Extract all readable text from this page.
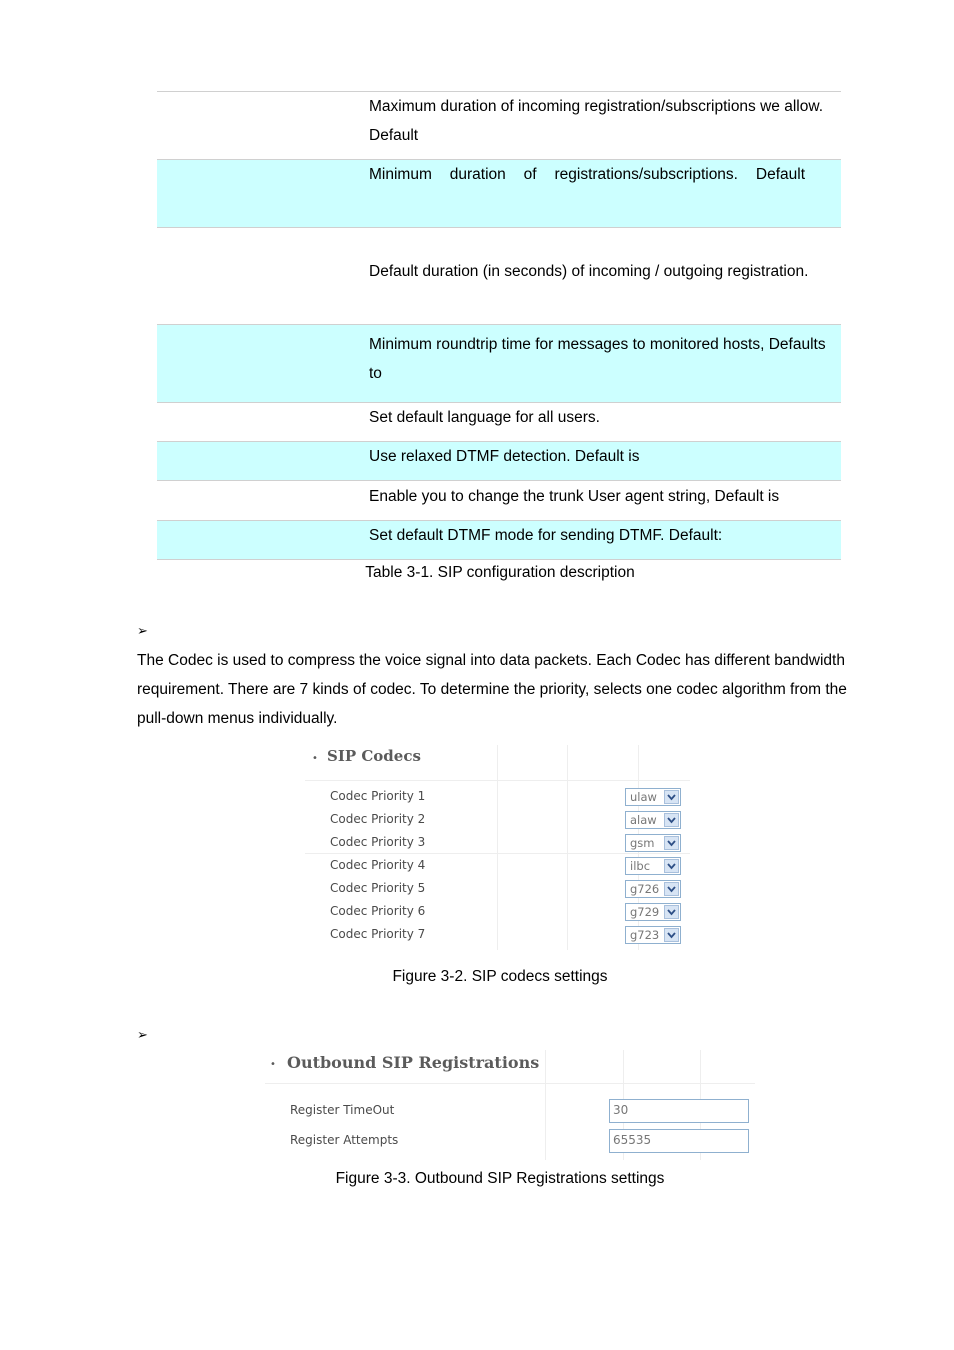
Maximum duration of incoming registration/subscriptions we allow. Default
Minimum duration of registrations/subscriptions. Default
Default duration (in seconds) of incoming / outgoing registration.
Minimum roundtrip time for messages to monitored hosts, Defaults to
Set default language for all users.
Use relaxed DTMF detection. Default is
Enable you to change the trunk User agent string, Default is
Set default DTMF mode for sending DTMF. Default:
Table 3-1. SIP configuration description
➢
The Codec is used to compress the voice signal into data packets. Each Codec has different bandwidth requirement. There are 7 kinds of codec. To determine the priority, selects one codec algorithm from the pull-down menus individually.
• SIP Codecs
Codec Priority 1	ulaw
Codec Priority 2	alaw
Codec Priority 3	gsm
Codec Priority 4	ilbc
Codec Priority 5	g726
Codec Priority 6	g729
Codec Priority 7	g723
Figure 3-2. SIP codecs settings
➢
• Outbound SIP Registrations
Register TimeOut	30
Register Attempts	65535
Figure 3-3. Outbound SIP Registrations settings
